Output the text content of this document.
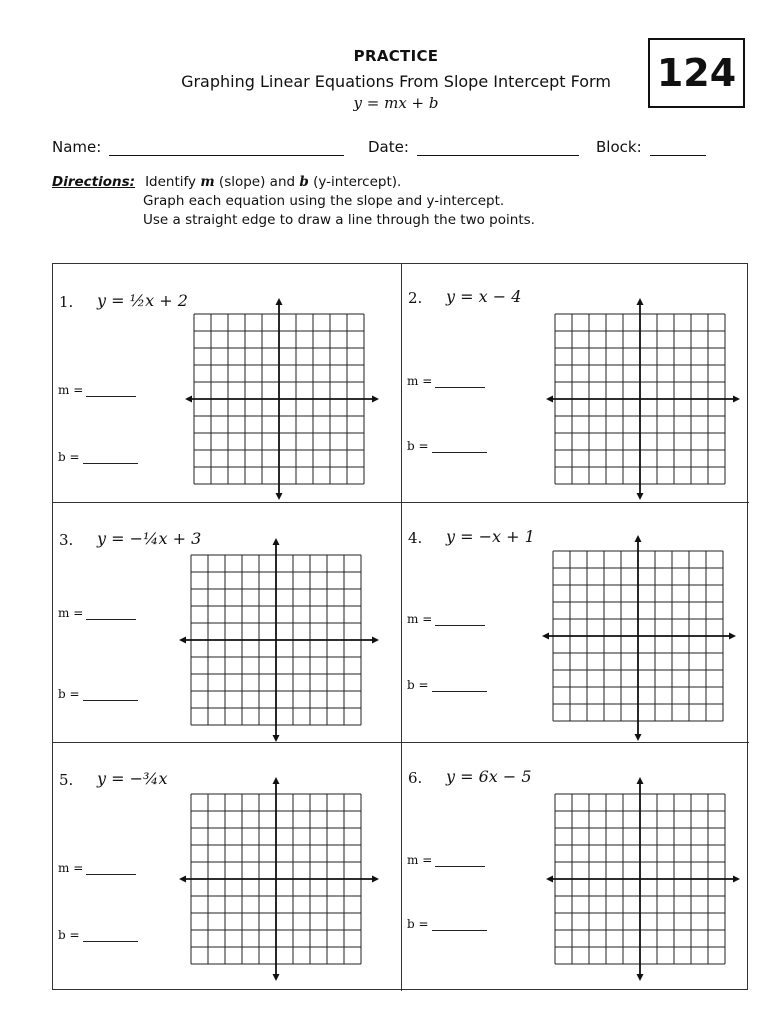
PRACTICE
Graphing Linear Equations From Slope Intercept Form
y = mx + b
124
Name:	Date:	Block:
Directions: Identify m (slope) and b (y-intercept).
Graph each equation using the slope and y-intercept.
Use a straight edge to draw a line through the two points.
1. y = ½x + 2
m =
b =
2. y = x − 4
m =
b =
3. y = −¼x + 3
m =
b =
4. y = −x + 1
m =
b =
5. y = −¾x
m =
b =
6. y = 6x − 5
m =
b =
